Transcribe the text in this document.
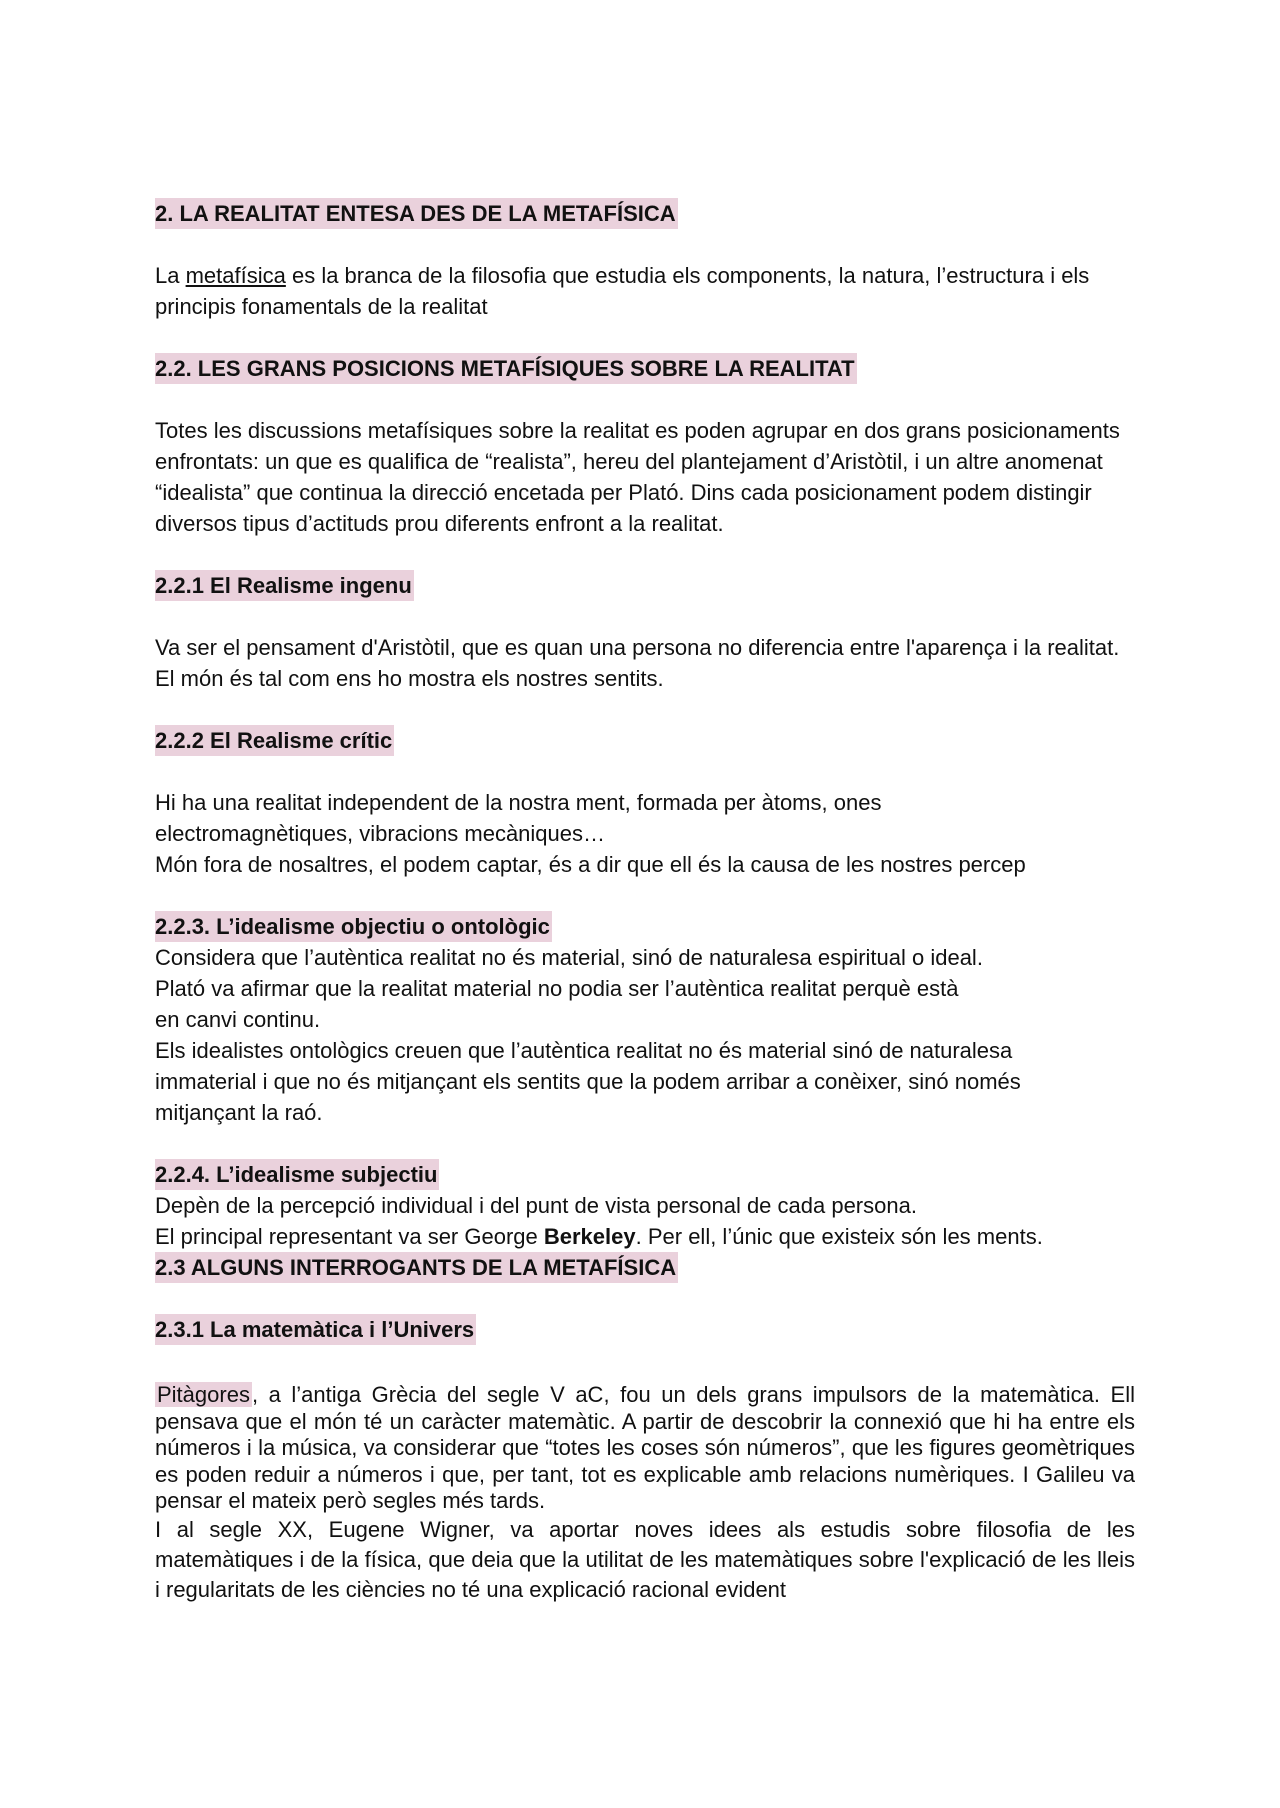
2. LA REALITAT ENTESA DES DE LA METAFÍSICA

La metafísica es la branca de la filosofia que estudia els components, la natura, l’estructura i els principis fonamentals de la realitat

2.2. LES GRANS POSICIONS METAFÍSIQUES SOBRE LA REALITAT

Totes les discussions metafísiques sobre la realitat es poden agrupar en dos grans posicionaments enfrontats: un que es qualifica de “realista”, hereu del plantejament d’Aristòtil, i un altre anomenat “idealista” que continua la direcció encetada per Plató. Dins cada posicionament podem distingir diversos tipus d’actituds prou diferents enfront a la realitat.

2.2.1 El Realisme ingenu

Va ser el pensament d'Aristòtil, que es quan una persona no diferencia entre l'aparença i la realitat. El món és tal com ens ho mostra els nostres sentits.

2.2.2 El Realisme crític

Hi ha una realitat independent de la nostra ment, formada per àtoms, ones

electromagnètiques, vibracions mecàniques…

Món fora de nosaltres, el podem captar, és a dir que ell és la causa de les nostres percep

2.2.3. L’idealisme objectiu o ontològic

Considera que l’autèntica realitat no és material, sinó de naturalesa espiritual o ideal.

Plató va afirmar que la realitat material no podia ser l’autèntica realitat perquè està

en canvi continu.

Els idealistes ontològics creuen que l’autèntica realitat no és material sinó de naturalesa

immaterial i que no és mitjançant els sentits que la podem arribar a conèixer, sinó només

mitjançant la raó.

2.2.4. L’idealisme subjectiu

Depèn de la percepció individual i del punt de vista personal de cada persona.

El principal representant va ser George Berkeley. Per ell, l’únic que existeix són les ments.

2.3 ALGUNS INTERROGANTS DE LA METAFÍSICA
2.3.1 La matemàtica i l’Univers

Pitàgores, a l’antiga Grècia del segle V aC, fou un dels grans impulsors de la matemàtica. Ell pensava que el món té un caràcter matemàtic. A partir de descobrir la connexió que hi ha entre els números i la música, va considerar que “totes les coses són números”, que les figures geomètriques es poden reduir a números i que, per tant, tot es explicable amb relacions numèriques. I Galileu va pensar el mateix però segles més tards.

I al segle XX, Eugene Wigner, va aportar noves idees als estudis sobre filosofia de les matemàtiques i de la física, que deia que la utilitat de les matemàtiques sobre l'explicació de les lleis i regularitats de les ciències no té una explicació racional evident
